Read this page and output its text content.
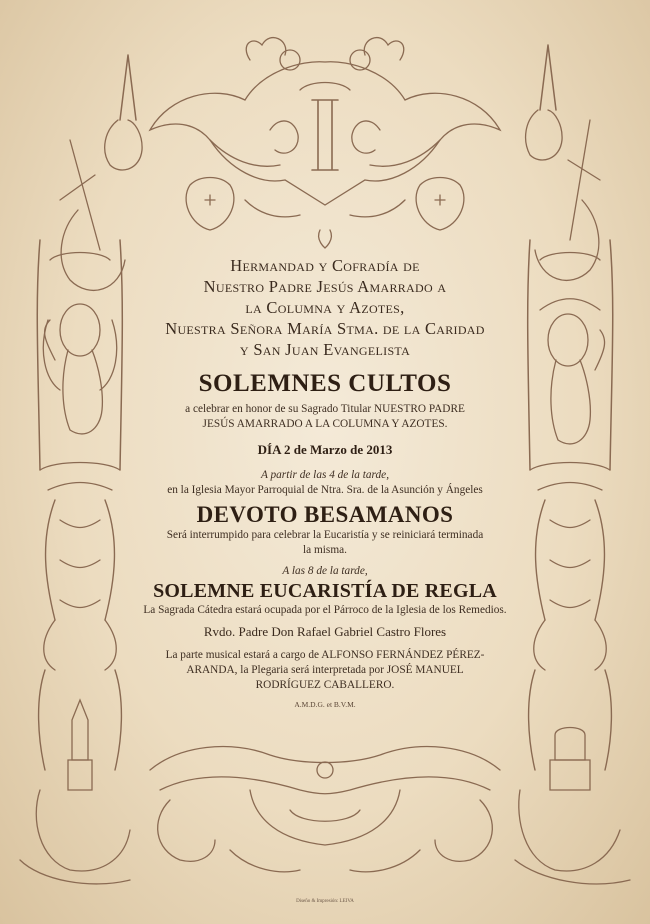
Hermandad y Cofradía de
Nuestro Padre Jesús Amarrado a
la Columna y Azotes,
Nuestra Señora María Stma. de la Caridad
y San Juan Evangelista
SOLEMNES CULTOS
a celebrar en honor de su Sagrado Titular NUESTRO PADRE
JESÚS AMARRADO A LA COLUMNA Y AZOTES.
DÍA 2 de Marzo de 2013
A partir de las 4 de la tarde,
en la Iglesia Mayor Parroquial de Ntra. Sra. de la Asunción y Ángeles
DEVOTO BESAMANOS
Será interrumpido para celebrar la Eucaristía y se reiniciará terminada
la misma.
A las 8 de la tarde,
SOLEMNE EUCARISTÍA DE REGLA
La Sagrada Cátedra estará ocupada por el Párroco de la Iglesia de los Remedios.
Rvdo. Padre Don Rafael Gabriel Castro Flores
La parte musical estará a cargo de ALFONSO FERNÁNDEZ PÉREZ-
ARANDA, la Plegaria será interpretada por JOSÉ MANUEL
RODRÍGUEZ CABALLERO.
A.M.D.G. et B.V.M.
Diseño & Impresión: LEIVA
